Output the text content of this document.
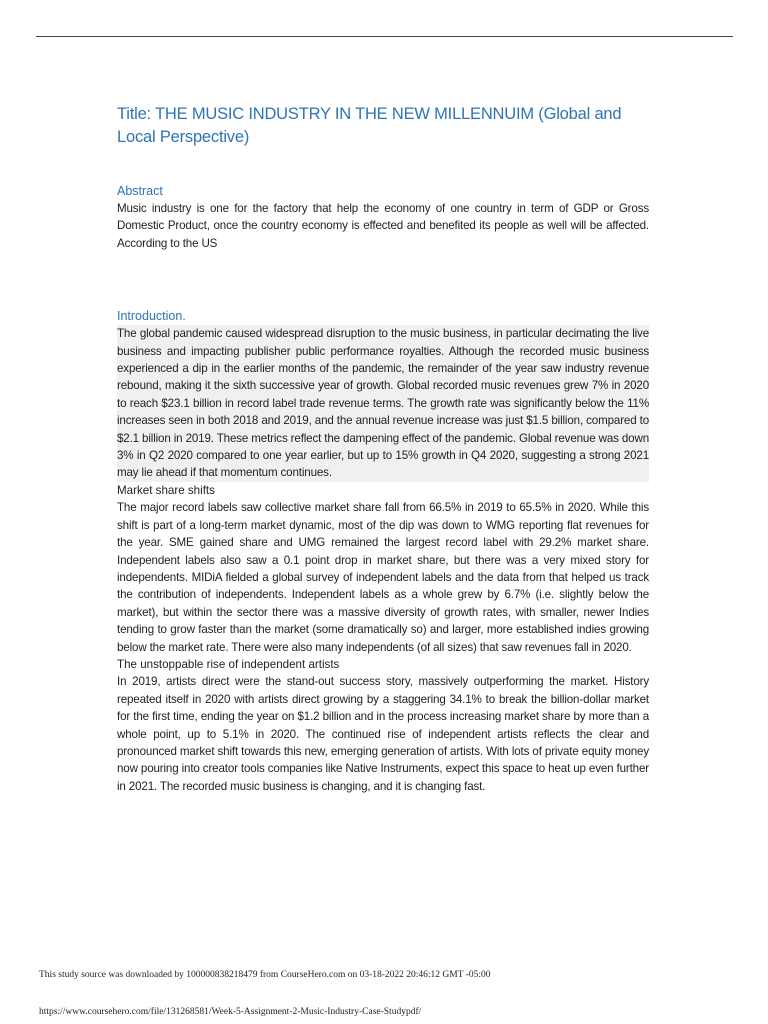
Title: THE MUSIC INDUSTRY IN THE NEW MILLENNUIM (Global and Local Perspective)
Abstract

Music industry is one for the factory that help the economy of one country in term of GDP or Gross Domestic Product, once the country economy is effected and benefited its people as well will be affected. According to the US

Introduction.

The global pandemic caused widespread disruption to the music business, in particular decimating the live business and impacting publisher public performance royalties. Although the recorded music business experienced a dip in the earlier months of the pandemic, the remainder of the year saw industry revenue rebound, making it the sixth successive year of growth. Global recorded music revenues grew 7% in 2020 to reach $23.1 billion in record label trade revenue terms. The growth rate was significantly below the 11% increases seen in both 2018 and 2019, and the annual revenue increase was just $1.5 billion, compared to $2.1 billion in 2019. These metrics reflect the dampening effect of the pandemic. Global revenue was down 3% in Q2 2020 compared to one year earlier, but up to 15% growth in Q4 2020, suggesting a strong 2021 may lie ahead if that momentum continues.

Market share shifts

The major record labels saw collective market share fall from 66.5% in 2019 to 65.5% in 2020. While this shift is part of a long-term market dynamic, most of the dip was down to WMG reporting flat revenues for the year. SME gained share and UMG remained the largest record label with 29.2% market share. Independent labels also saw a 0.1 point drop in market share, but there was a very mixed story for independents. MIDiA fielded a global survey of independent labels and the data from that helped us track the contribution of independents. Independent labels as a whole grew by 6.7% (i.e. slightly below the market), but within the sector there was a massive diversity of growth rates, with smaller, newer Indies tending to grow faster than the market (some dramatically so) and larger, more established indies growing below the market rate. There were also many independents (of all sizes) that saw revenues fall in 2020.

The unstoppable rise of independent artists

In 2019, artists direct were the stand-out success story, massively outperforming the market. History repeated itself in 2020 with artists direct growing by a staggering 34.1% to break the billion-dollar market for the first time, ending the year on $1.2 billion and in the process increasing market share by more than a whole point, up to 5.1% in 2020. The continued rise of independent artists reflects the clear and pronounced market shift towards this new, emerging generation of artists. With lots of private equity money now pouring into creator tools companies like Native Instruments, expect this space to heat up even further in 2021. The recorded music business is changing, and it is changing fast.

This study source was downloaded by 100000838218479 from CourseHero.com on 03-18-2022 20:46:12 GMT -05:00
https://www.coursehero.com/file/131268581/Week-5-Assignment-2-Music-Industry-Case-Studypdf/
